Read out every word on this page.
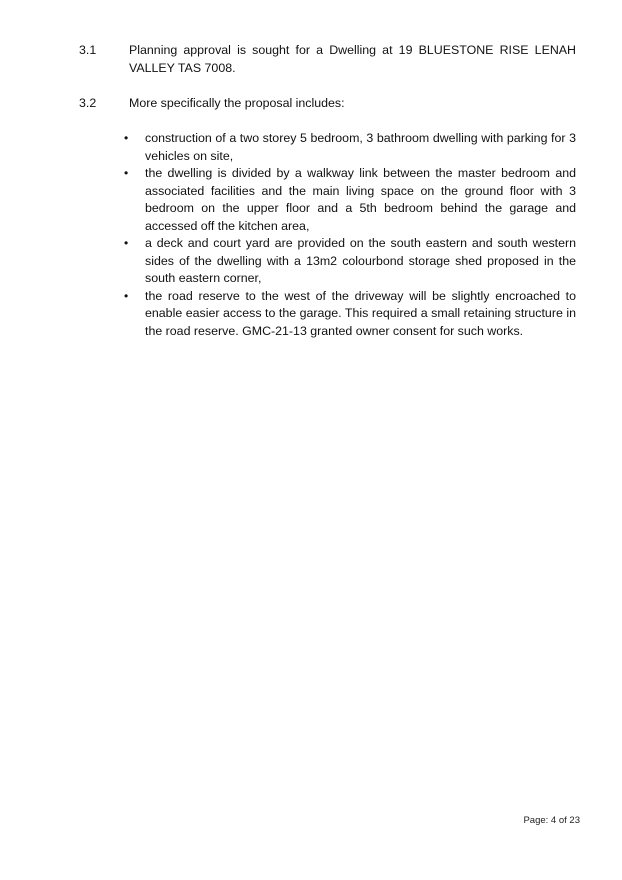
3.1	Planning approval is sought for a Dwelling at 19 BLUESTONE RISE LENAH VALLEY TAS 7008.
3.2	More specifically the proposal includes:
• construction of a two storey 5 bedroom, 3 bathroom dwelling with parking for 3 vehicles on site,
• the dwelling is divided by a walkway link between the master bedroom and associated facilities and the main living space on the ground floor with 3 bedroom on the upper floor and a 5th bedroom behind the garage and accessed off the kitchen area,
• a deck and court yard are provided on the south eastern and south western sides of the dwelling with a 13m2 colourbond storage shed proposed in the south eastern corner,
• the road reserve to the west of the driveway will be slightly encroached to enable easier access to the garage. This required a small retaining structure in the road reserve. GMC-21-13 granted owner consent for such works.
Page: 4 of 23
